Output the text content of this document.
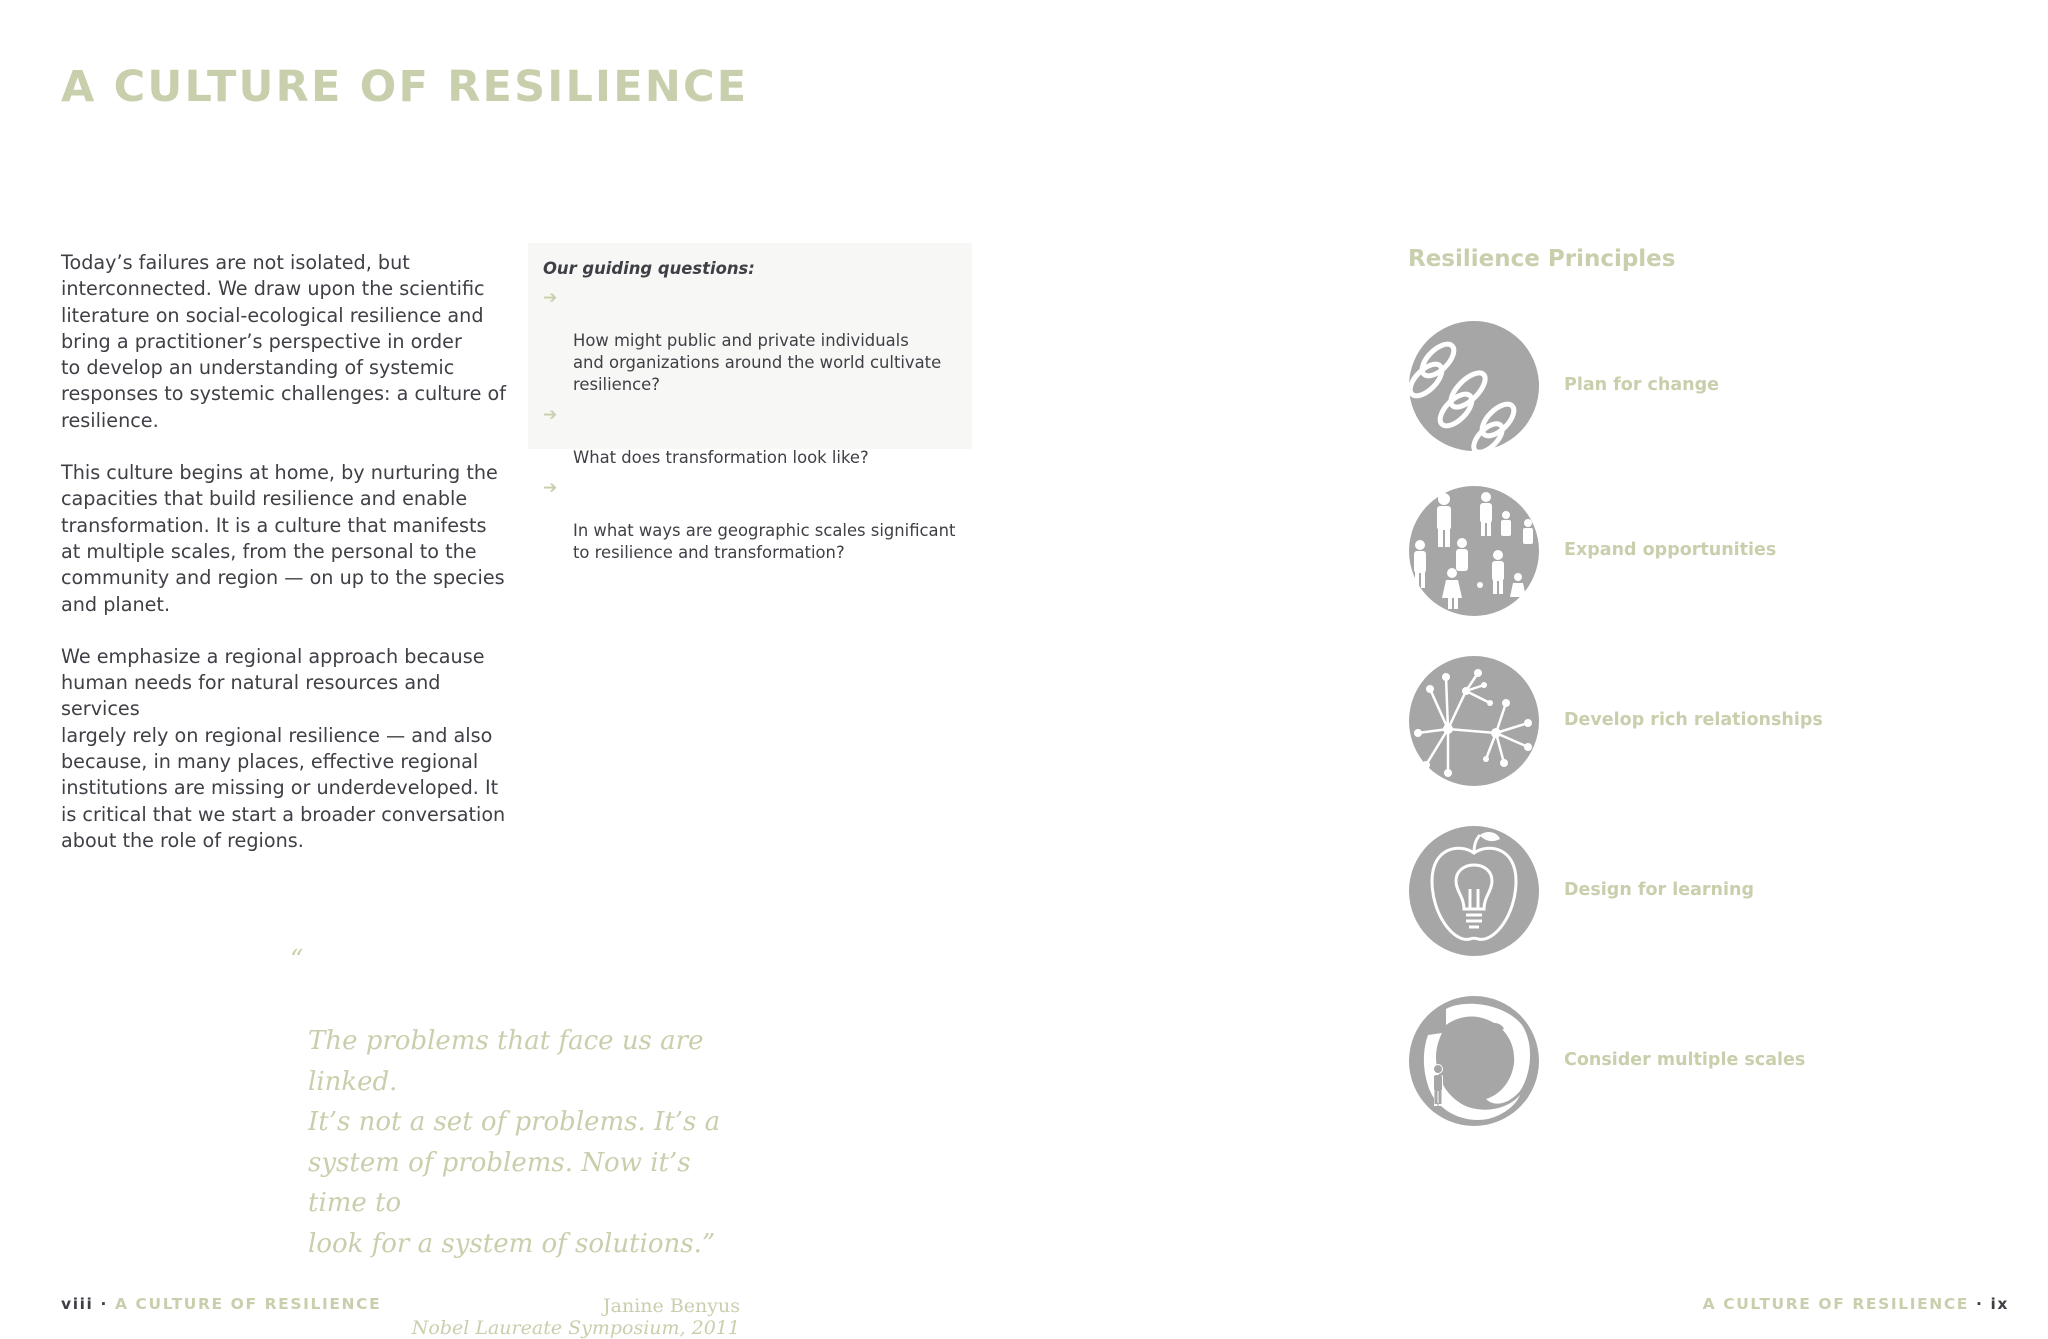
A CULTURE OF RESILIENCE

Today’s failures are not isolated, but
interconnected. We draw upon the scientific
literature on social-ecological resilience and
bring a practitioner’s perspective in order
to develop an understanding of systemic
responses to systemic challenges: a culture of
resilience.

This culture begins at home, by nurturing the
capacities that build resilience and enable
transformation. It is a culture that manifests
at multiple scales, from the personal to the
community and region — on up to the species
and planet.

We emphasize a regional approach because
human needs for natural resources and services
largely rely on regional resilience — and also
because, in many places, effective regional
institutions are missing or underdeveloped. It
is critical that we start a broader conversation
about the role of regions.

Our guiding questions:

➔

How might public and private individuals
and organizations around the world cultivate
resilience?

➔

What does transformation look like?

➔

In what ways are geographic scales significant
to resilience and transformation?

“

The problems that face us are linked.
It’s not a set of problems. It’s a
system of problems. Now it’s time to
look for a system of solutions.”

Janine Benyus
Nobel Laureate Symposium, 2011
Resilience Principles
Plan for change
Expand opportunities
Develop rich relationships
Design for learning
Consider multiple scales
viii · A CULTURE OF RESILIENCE	A CULTURE OF RESILIENCE · ix
